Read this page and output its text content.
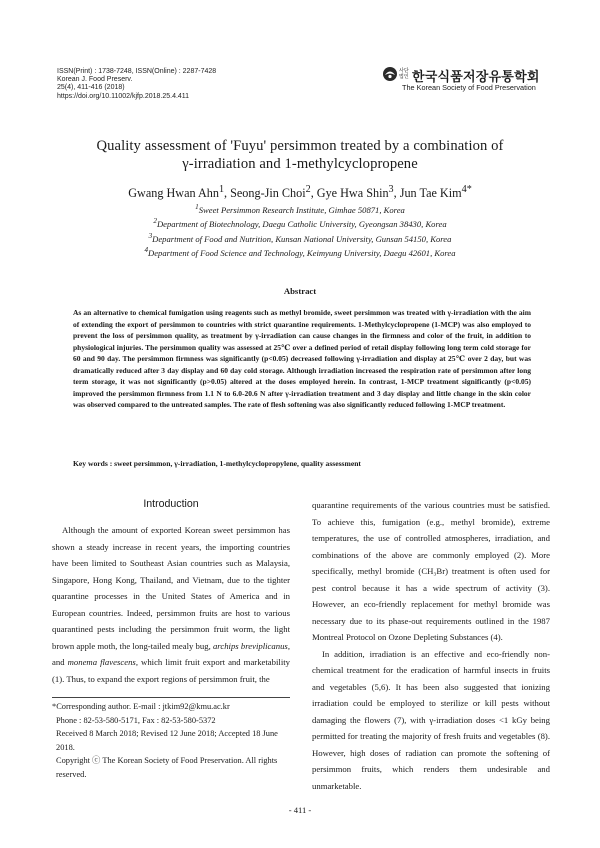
ISSN(Print) : 1738-7248, ISSN(Online) : 2287-7428
Korean J. Food Preserv.
25(4), 411-416 (2018)
https://doi.org/10.11002/kjfp.2018.25.4.411
사단법인 한국식품저장유통학회
The Korean Society of Food Preservation
Quality assessment of 'Fuyu' persimmon treated by a combination of
γ-irradiation and 1-methylcyclopropene
Gwang Hwan Ahn$^1$, Seong-Jin Choi$^2$, Gye Hwa Shin$^3$, Jun Tae Kim$^{4*}$
$^1$Sweet Persimmon Research Institute, Gimhae 50871, Korea
$^2$Department of Biotechnology, Daegu Catholic University, Gyeongsan 38430, Korea
$^3$Department of Food and Nutrition, Kunsan National University, Gunsan 54150, Korea
$^4$Department of Food Science and Technology, Keimyung University, Daegu 42601, Korea
Abstract
As an alternative to chemical fumigation using reagents such as methyl bromide, sweet persimmon was treated with γ-irradiation with the aim of extending the export of persimmon to countries with strict quarantine requirements. 1-Methylcyclopropene (1-MCP) was also employed to prevent the loss of persimmon quality, as treatment by γ-irradiation can cause changes in the firmness and color of the fruit, in addition to physiological injuries. The persimmon quality was assessed at 25℃ over a defined period of retail display following long term cold storage for 60 and 90 day. The persimmon firmness was significantly (p<0.05) decreased following γ-irradiation and display at 25℃ over 2 day, but was dramatically reduced after 3 day display and 60 day cold storage. Although irradiation increased the respiration rate of persimmon after long term storage, it was not significantly (p>0.05) altered at the doses employed herein. In contrast, 1-MCP treatment significantly (p<0.05) improved the persimmon firmness from 1.1 N to 6.0-20.6 N after γ-irradiation treatment and 3 day display and little change in the skin color was observed compared to the untreated samples. The rate of flesh softening was also significantly reduced following 1-MCP treatment.
Key words : sweet persimmon, γ-irradiation, 1-methylcyclopropylene, quality assessment
Introduction

Although the amount of exported Korean sweet persimmon has shown a steady increase in recent years, the importing countries have been limited to Southeast Asian countries such as Malaysia, Singapore, Hong Kong, Thailand, and Vietnam, due to the tighter quarantine processes in the United States of America and in European countries. Indeed, persimmon fruits are host to various quarantined pests including the persimmon fruit worm, the light brown apple moth, the long-tailed mealy bug, archips breviplicanus, and monema flavescens, which limit fruit export and marketability (1). Thus, to expand the export regions of persimmon fruit, the

quarantine requirements of the various countries must be satisfied. To achieve this, fumigation (e.g., methyl bromide), extreme temperatures, the use of controlled atmospheres, irradiation, and combinations of the above are commonly employed (2). More specifically, methyl bromide (CH₃Br) treatment is often used for pest control because it has a wide spectrum of activity (3). However, an eco-friendly replacement for methyl bromide was necessary due to its phase-out requirements outlined in the 1987 Montreal Protocol on Ozone Depleting Substances (4).

In addition, irradiation is an effective and eco-friendly non-chemical treatment for the eradication of harmful insects in fruits and vegetables (5,6). It has been also suggested that ionizing irradiation could be employed to sterilize or kill pests without damaging the flowers (7), with γ-irradiation doses <1 kGy being permitted for treating the majority of fresh fruits and vegetables (8). However, high doses of radiation can promote the softening of persimmon fruits, which renders them undesirable and unmarketable.

*Corresponding author. E-mail : jtkim92@kmu.ac.kr
Phone : 82-53-580-5171, Fax : 82-53-580-5372
Received 8 March 2018; Revised 12 June 2018; Accepted 18 June 2018.
Copyright ⓒ The Korean Society of Food Preservation. All rights reserved.
- 411 -
